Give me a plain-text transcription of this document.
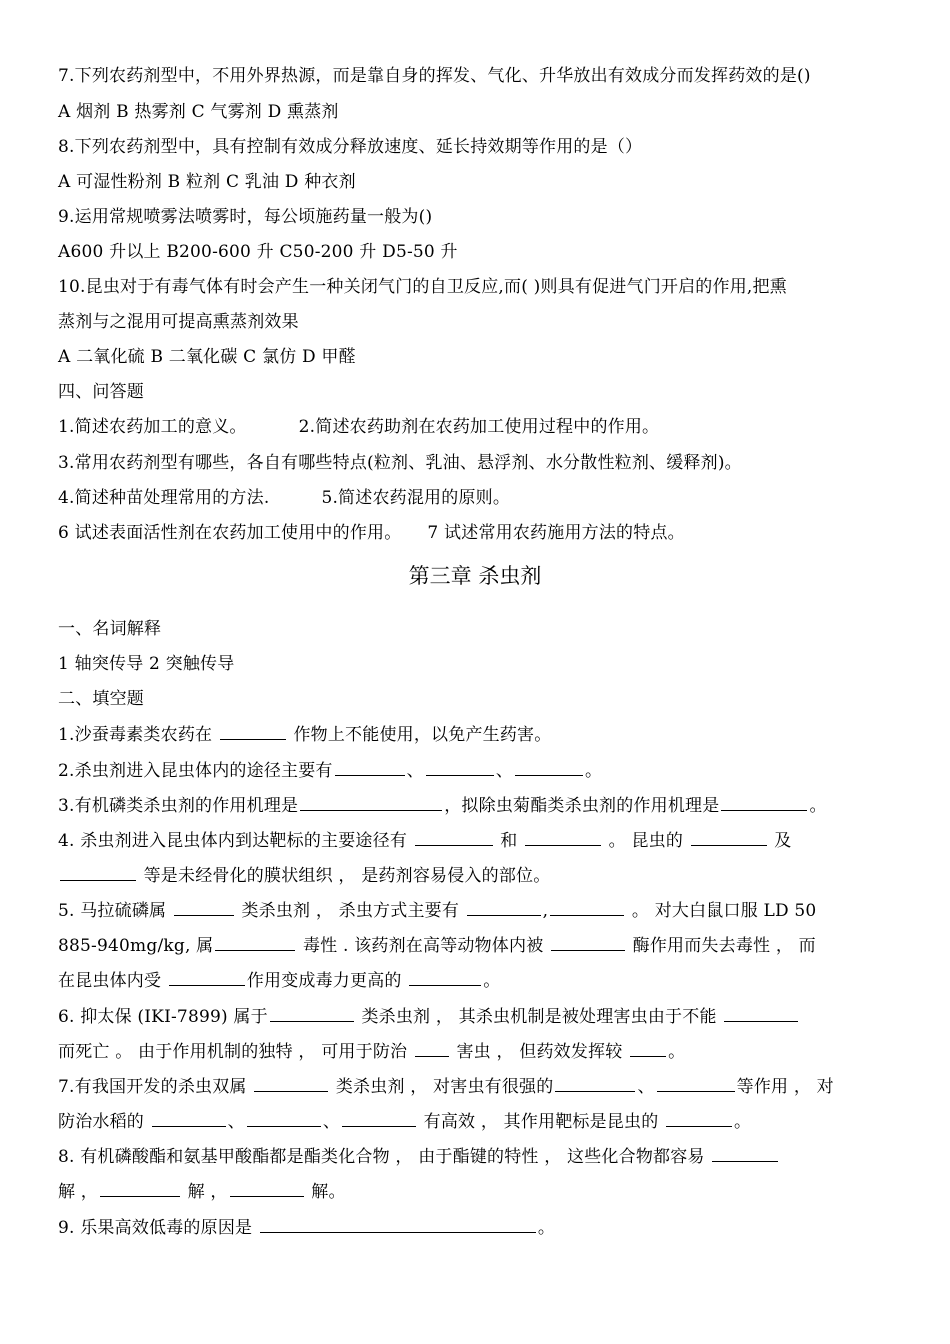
7.下列农药剂型中，不用外界热源，而是靠自身的挥发、气化、升华放出有效成分而发挥药效的是()
A 烟剂 B 热雾剂 C 气雾剂 D 熏蒸剂
8.下列农药剂型中，具有控制有效成分释放速度、延长持效期等作用的是（）
A 可湿性粉剂 B 粒剂 C 乳油 D 种衣剂
9.运用常规喷雾法喷雾时，每公顷施药量一般为()
A600 升以上 B200-600 升 C50-200 升 D5-50 升
10.昆虫对于有毒气体有时会产生一种关闭气门的自卫反应,而( )则具有促进气门开启的作用,把熏
蒸剂与之混用可提高熏蒸剂效果
A 二氧化硫 B 二氧化碳 C 氯仿 D 甲醛
四、问答题
1.简述农药加工的意义。	2.简述农药助剂在农药加工使用过程中的作用。
3.常用农药剂型有哪些，各自有哪些特点(粒剂、乳油、悬浮剂、水分散性粒剂、缓释剂)。
4.简述种苗处理常用的方法.	5.简述农药混用的原则。
6 试述表面活性剂在农药加工使用中的作用。 7 试述常用农药施用方法的特点。
第三章 杀虫剂
一、名词解释
1 轴突传导 2 突触传导
二、填空题
1.沙蚕毒素类农药在	作物上不能使用，以免产生药害。
2.杀虫剂进入昆虫体内的途径主要有	、	、	。
3.有机磷类杀虫剂的作用机理是	，拟除虫菊酯类杀虫剂的作用机理是	。
4. 杀虫剂进入昆虫体内到达靶标的主要途径有	和	。 昆虫的	及
等是未经骨化的膜状组织 ， 是药剂容易侵入的部位。
5. 马拉硫磷属	类杀虫剂 ， 杀虫方式主要有	,	。 对大白鼠口服 LD 50
885-940mg/kg, 属	毒性 . 该药剂在高等动物体内被	酶作用而失去毒性 ， 而
在昆虫体内受	作用变成毒力更高的	。
6. 抑太保 (IKI-7899) 属于	类杀虫剂 ， 其杀虫机制是被处理害虫由于不能
而死亡 。 由于作用机制的独特 ， 可用于防治	害虫 ， 但药效发挥较	。
7.有我国开发的杀虫双属	类杀虫剂 ， 对害虫有很强的	、	等作用 ， 对
防治水稻的	、	、	有高效 ， 其作用靶标是昆虫的	。
8. 有机磷酸酯和氨基甲酸酯都是酯类化合物 ， 由于酯键的特性 ， 这些化合物都容易
解 ，	解 ，	解。
9. 乐果高效低毒的原因是	。
